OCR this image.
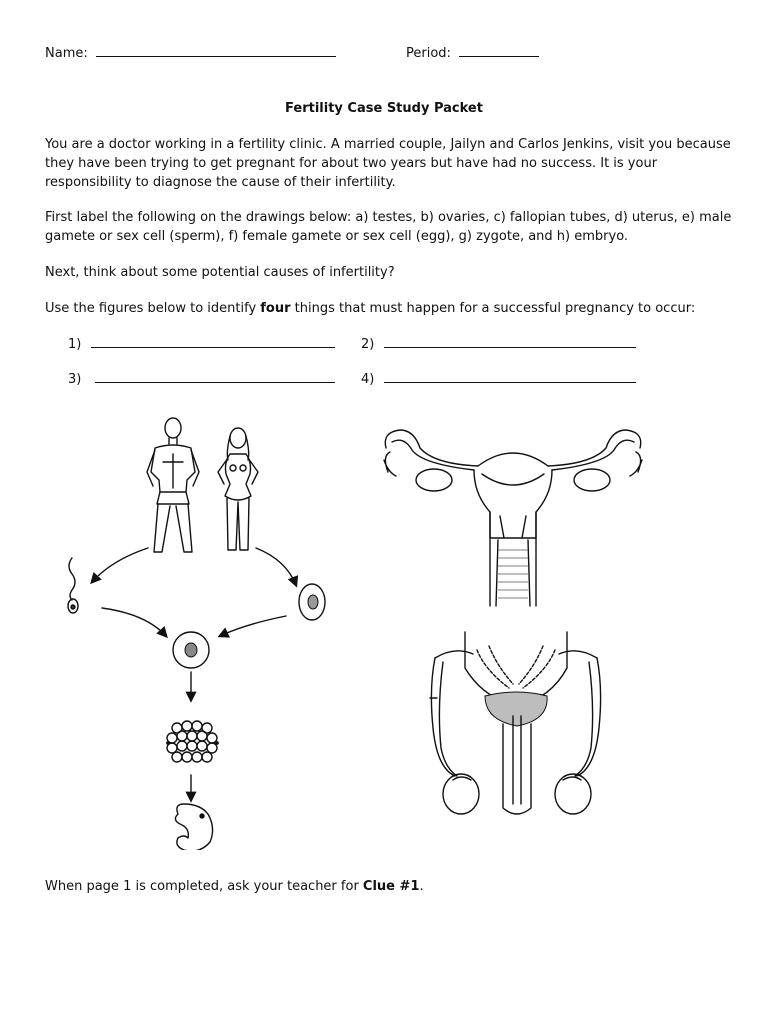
Name:	Period:
Fertility Case Study Packet
You are a doctor working in a fertility clinic. A married couple, Jailyn and Carlos Jenkins, visit you because they have been trying to get pregnant for about two years but have had no success. It is your responsibility to diagnose the cause of their infertility.
First label the following on the drawings below: a) testes, b) ovaries, c) fallopian tubes, d) uterus, e) male gamete or sex cell (sperm), f) female gamete or sex cell (egg), g) zygote, and h) embryo.
Next, think about some potential causes of infertility?
Use the figures below to identify four things that must happen for a successful pregnancy to occur:
1)	2)
3)	4)
When page 1 is completed, ask your teacher for Clue #1.
